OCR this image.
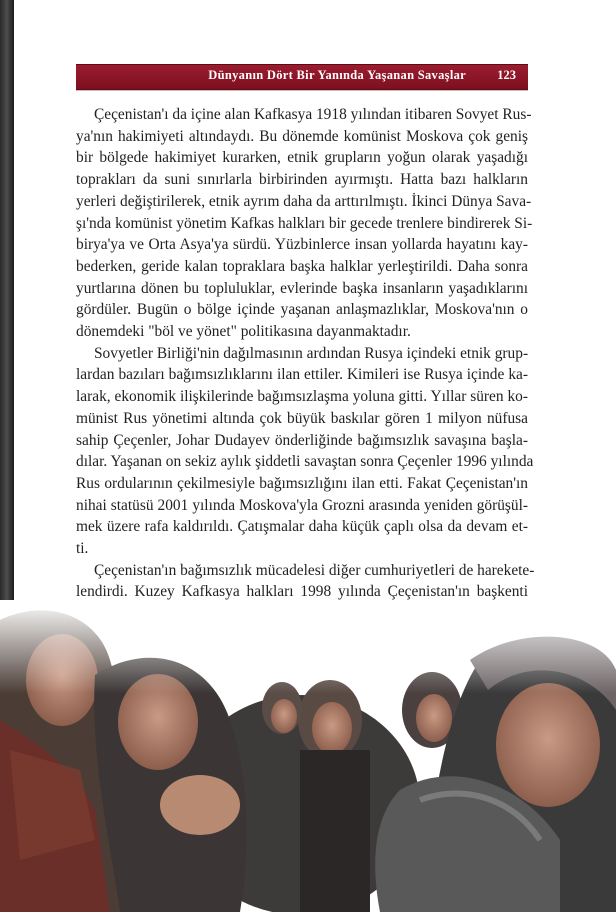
Dünyanın Dört Bir Yanında Yaşanan Savaşlar	123

Çeçenistan'ı da içine alan Kafkasya 1918 yılından itibaren Sovyet Rus-
ya'nın hakimiyeti altındaydı. Bu dönemde komünist Moskova çok geniş
bir bölgede hakimiyet kurarken, etnik grupların yoğun olarak yaşadığı
toprakları da suni sınırlarla birbirinden ayırmıştı. Hatta bazı halkların
yerleri değiştirilerek, etnik ayrım daha da arttırılmıştı. İkinci Dünya Sava-
şı'nda komünist yönetim Kafkas halkları bir gecede trenlere bindirerek Si-
birya'ya ve Orta Asya'ya sürdü. Yüzbinlerce insan yollarda hayatını kay-
bederken, geride kalan topraklara başka halklar yerleştirildi. Daha sonra
yurtlarına dönen bu topluluklar, evlerinde başka insanların yaşadıklarını
gördüler. Bugün o bölge içinde yaşanan anlaşmazlıklar, Moskova'nın o
dönemdeki "böl ve yönet" politikasına dayanmaktadır.

Sovyetler Birliği'nin dağılmasının ardından Rusya içindeki etnik grup-
lardan bazıları bağımsızlıklarını ilan ettiler. Kimileri ise Rusya içinde ka-
larak, ekonomik ilişkilerinde bağımsızlaşma yoluna gitti. Yıllar süren ko-
münist Rus yönetimi altında çok büyük baskılar gören 1 milyon nüfusa
sahip Çeçenler, Johar Dudayev önderliğinde bağımsızlık savaşına başla-
dılar. Yaşanan on sekiz aylık şiddetli savaştan sonra Çeçenler 1996 yılında
Rus ordularının çekilmesiyle bağımsızlığını ilan etti. Fakat Çeçenistan'ın
nihai statüsü 2001 yılında Moskova'yla Grozni arasında yeniden görüşül-
mek üzere rafa kaldırıldı. Çatışmalar daha küçük çaplı olsa da devam et-
ti.

Çeçenistan'ın bağımsızlık mücadelesi diğer cumhuriyetleri de harekete-
lendirdi. Kuzey Kafkasya halkları 1998 yılında Çeçenistan'ın başkenti
